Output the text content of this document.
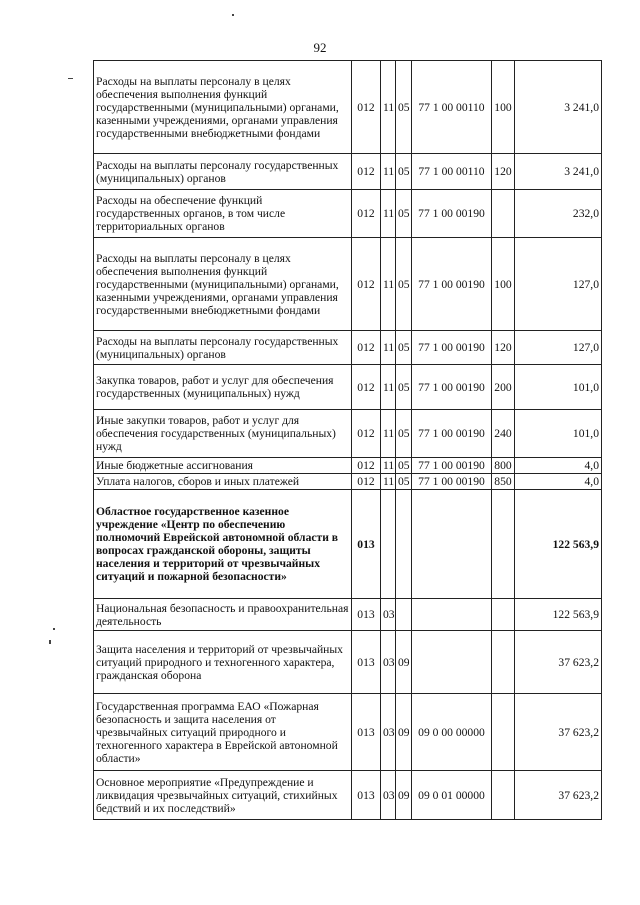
92
Расходы на выплаты персоналу в целях обеспечения выполнения функций государственными (муниципальными) органами, казенными учреждениями, органами управления государственными внебюджетными фондами	012	11	05	77 1 00 00110	100	3 241,0
Расходы на выплаты персоналу государственных (муниципальных) органов	012	11	05	77 1 00 00110	120	3 241,0
Расходы на обеспечение функций государственных органов, в том числе территориальных органов	012	11	05	77 1 00 00190		232,0
Расходы на выплаты персоналу в целях обеспечения выполнения функций государственными (муниципальными) органами, казенными учреждениями, органами управления государственными внебюджетными фондами	012	11	05	77 1 00 00190	100	127,0
Расходы на выплаты персоналу государственных (муниципальных) органов	012	11	05	77 1 00 00190	120	127,0
Закупка товаров, работ и услуг для обеспечения государственных (муниципальных) нужд	012	11	05	77 1 00 00190	200	101,0
Иные закупки товаров, работ и услуг для обеспечения государственных (муниципальных) нужд	012	11	05	77 1 00 00190	240	101,0
Иные бюджетные ассигнования	012	11	05	77 1 00 00190	800	4,0
Уплата налогов, сборов и иных платежей	012	11	05	77 1 00 00190	850	4,0
Областное государственное казенное учреждение «Центр по обеспечению полномочий Еврейской автономной области в вопросах гражданской обороны, защиты населения и территорий от чрезвычайных ситуаций и пожарной безопасности»	013					122 563,9
Национальная безопасность и правоохранительная деятельность	013	03				122 563,9
Защита населения и территорий от чрезвычайных ситуаций природного и техногенного характера, гражданская оборона	013	03	09			37 623,2
Государственная программа ЕАО «Пожарная безопасность и защита населения от чрезвычайных ситуаций природного и техногенного характера в Еврейской автономной области»	013	03	09	09 0 00 00000		37 623,2
Основное мероприятие «Предупреждение и ликвидация чрезвычайных ситуаций, стихийных бедствий и их последствий»	013	03	09	09 0 01 00000		37 623,2
